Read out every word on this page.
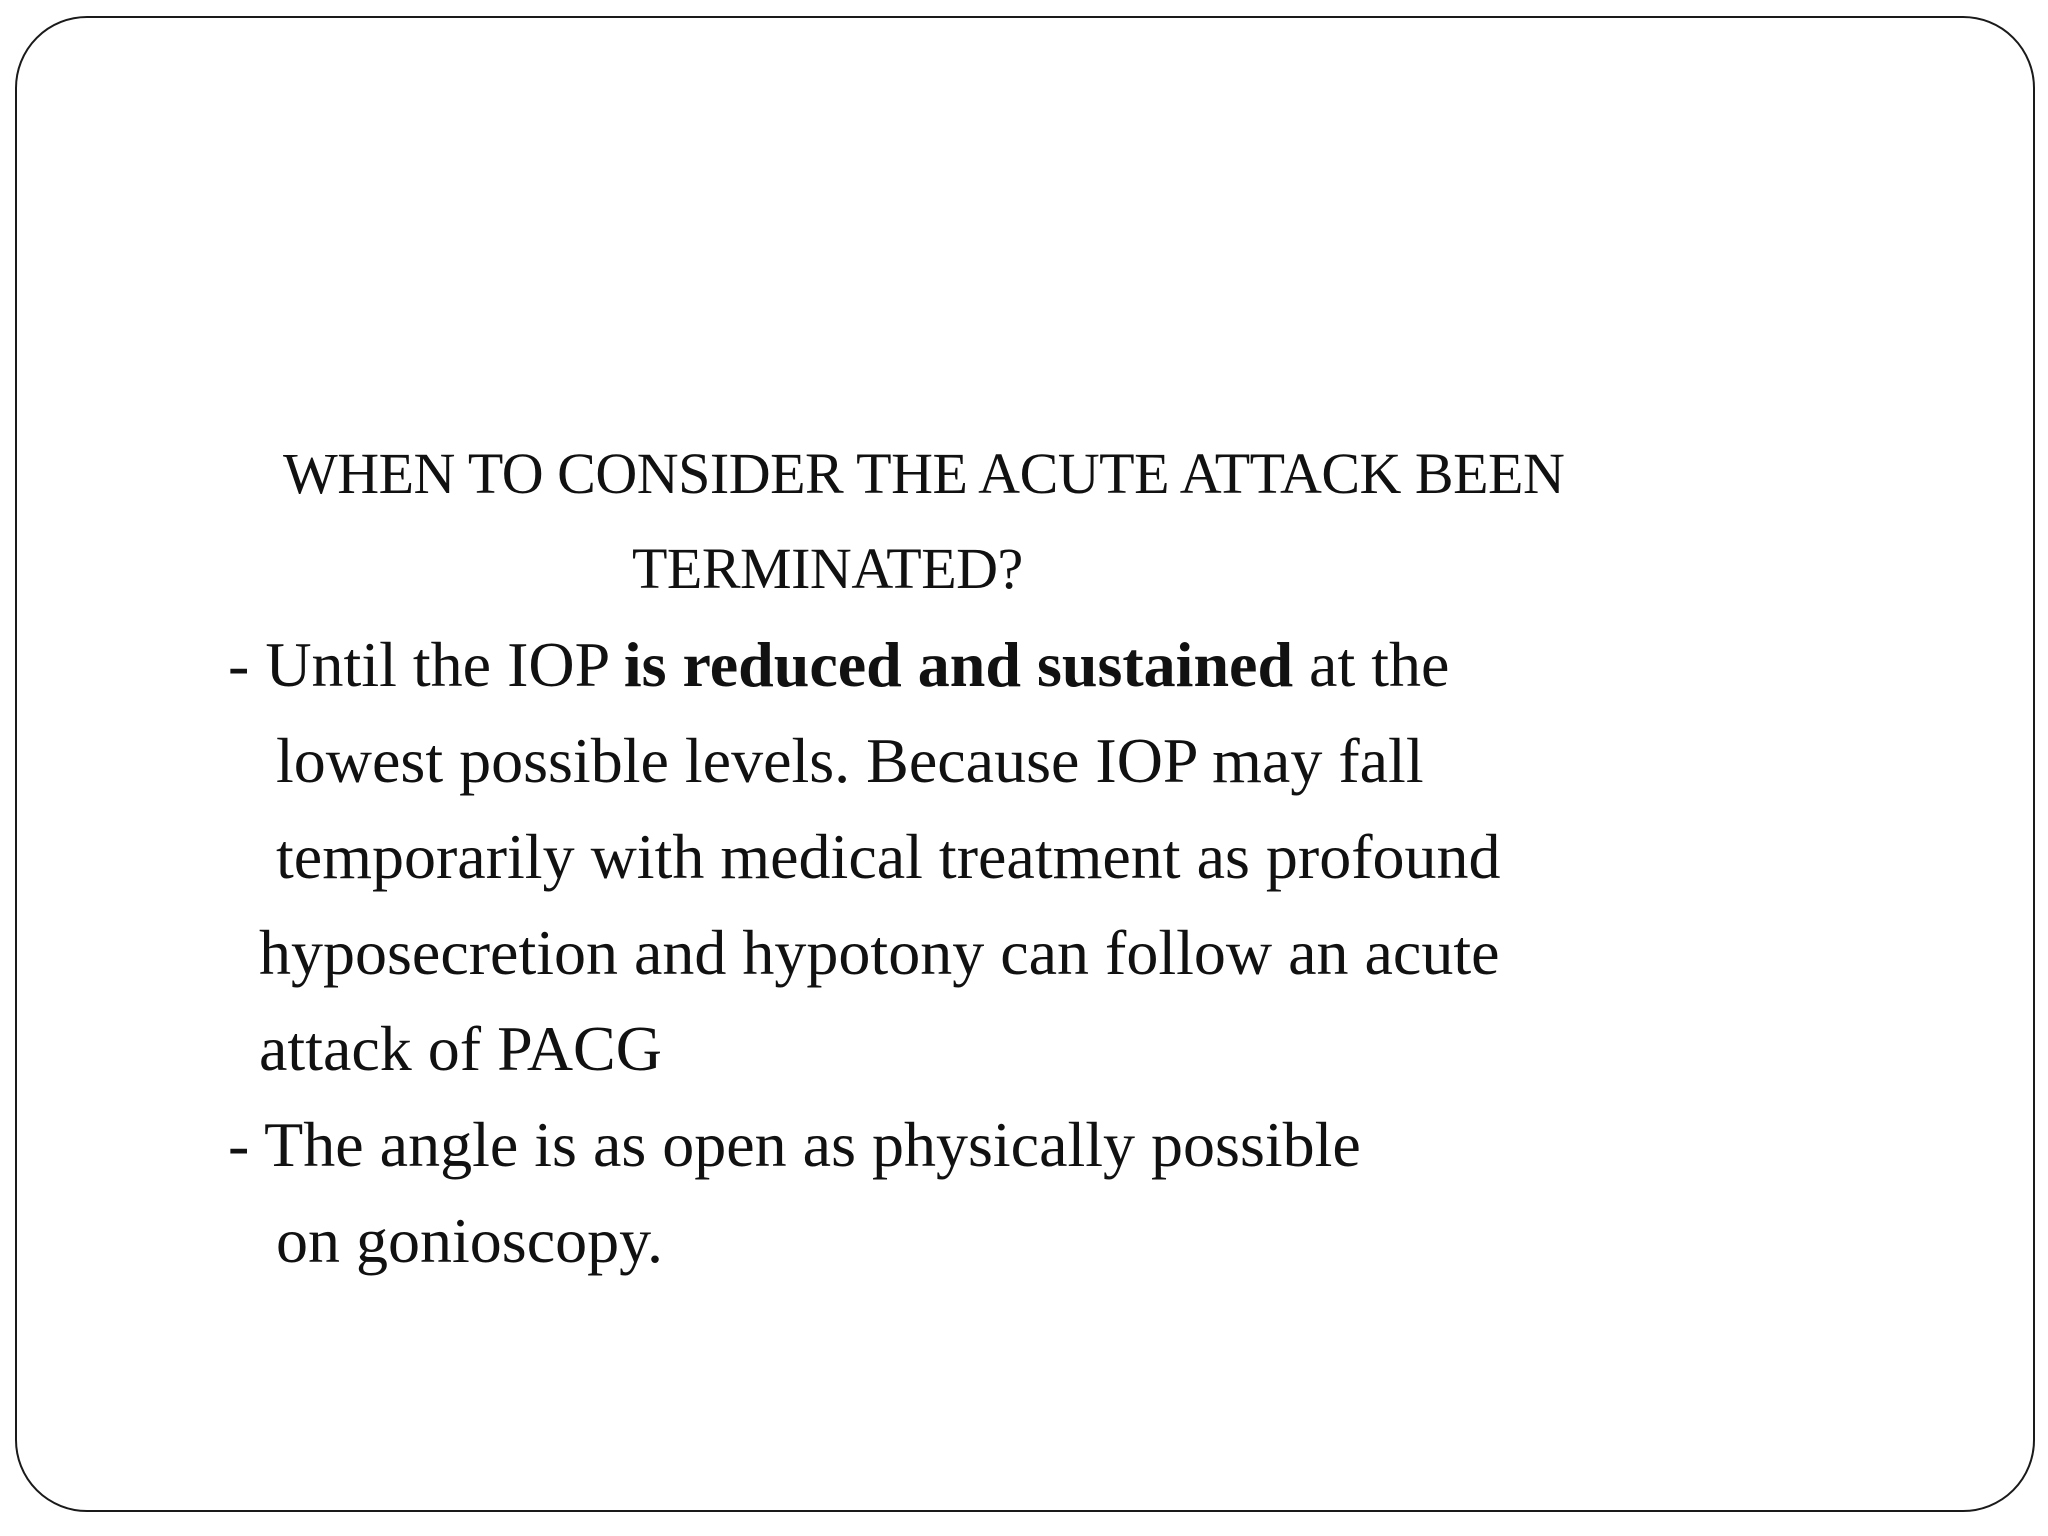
WHEN TO CONSIDER THE ACUTE ATTACK BEEN
TERMINATED?
- Until the IOP is reduced and sustained at the
lowest possible levels. Because IOP may fall
temporarily with medical treatment as profound
hyposecretion and hypotony can follow an acute
attack of PACG
- The angle is as open as physically possible
on gonioscopy.
